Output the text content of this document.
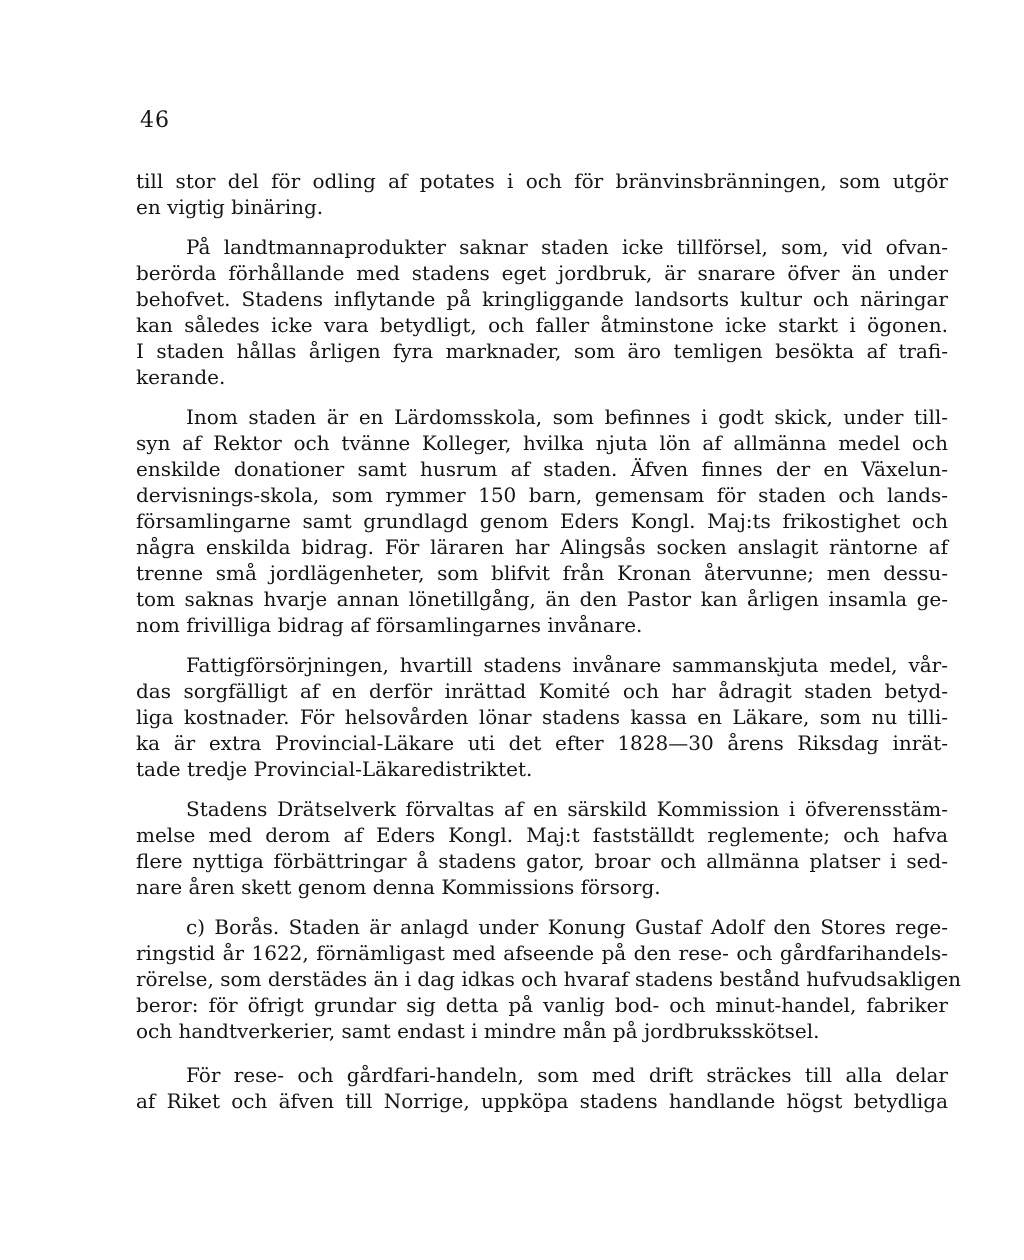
46
till stor del för odling af potates i och för bränvinsbränningen, som utgör
en vigtig binäring.
På landtmannaprodukter saknar staden icke tillförsel, som, vid ofvan-
berörda förhållande med stadens eget jordbruk, är snarare öfver än under
behofvet. Stadens inflytande på kringliggande landsorts kultur och näringar
kan således icke vara betydligt, och faller åtminstone icke starkt i ögonen.
I staden hållas årligen fyra marknader, som äro temligen besökta af trafi-
kerande.
Inom staden är en Lärdomsskola, som befinnes i godt skick, under till-
syn af Rektor och tvänne Kolleger, hvilka njuta lön af allmänna medel och
enskilde donationer samt husrum af staden. Äfven finnes der en Växelun-
dervisnings-skola, som rymmer 150 barn, gemensam för staden och lands-
församlingarne samt grundlagd genom Eders Kongl. Maj:ts frikostighet och
några enskilda bidrag. För läraren har Alingsås socken anslagit räntorne af
trenne små jordlägenheter, som blifvit från Kronan återvunne; men dessu-
tom saknas hvarje annan lönetillgång, än den Pastor kan årligen insamla ge-
nom frivilliga bidrag af församlingarnes invånare.
Fattigförsörjningen, hvartill stadens invånare sammanskjuta medel, vår-
das sorgfälligt af en derför inrättad Komité och har ådragit staden betyd-
liga kostnader. För helsovården lönar stadens kassa en Läkare, som nu tilli-
ka är extra Provincial-Läkare uti det efter 1828—30 årens Riksdag inrät-
tade tredje Provincial-Läkaredistriktet.
Stadens Drätselverk förvaltas af en särskild Kommission i öfverensstäm-
melse med derom af Eders Kongl. Maj:t fastställdt reglemente; och hafva
flere nyttiga förbättringar å stadens gator, broar och allmänna platser i sed-
nare åren skett genom denna Kommissions försorg.
c) Borås. Staden är anlagd under Konung Gustaf Adolf den Stores rege-
ringstid år 1622, förnämligast med afseende på den rese- och gårdfarihandels-
rörelse, som derstädes än i dag idkas och hvaraf stadens bestånd hufvudsakligen
beror: för öfrigt grundar sig detta på vanlig bod- och minut-handel, fabriker
och handtverkerier, samt endast i mindre mån på jordbruksskötsel.
För rese- och gårdfari-handeln, som med drift sträckes till alla delar
af Riket och äfven till Norrige, uppköpa stadens handlande högst betydliga
